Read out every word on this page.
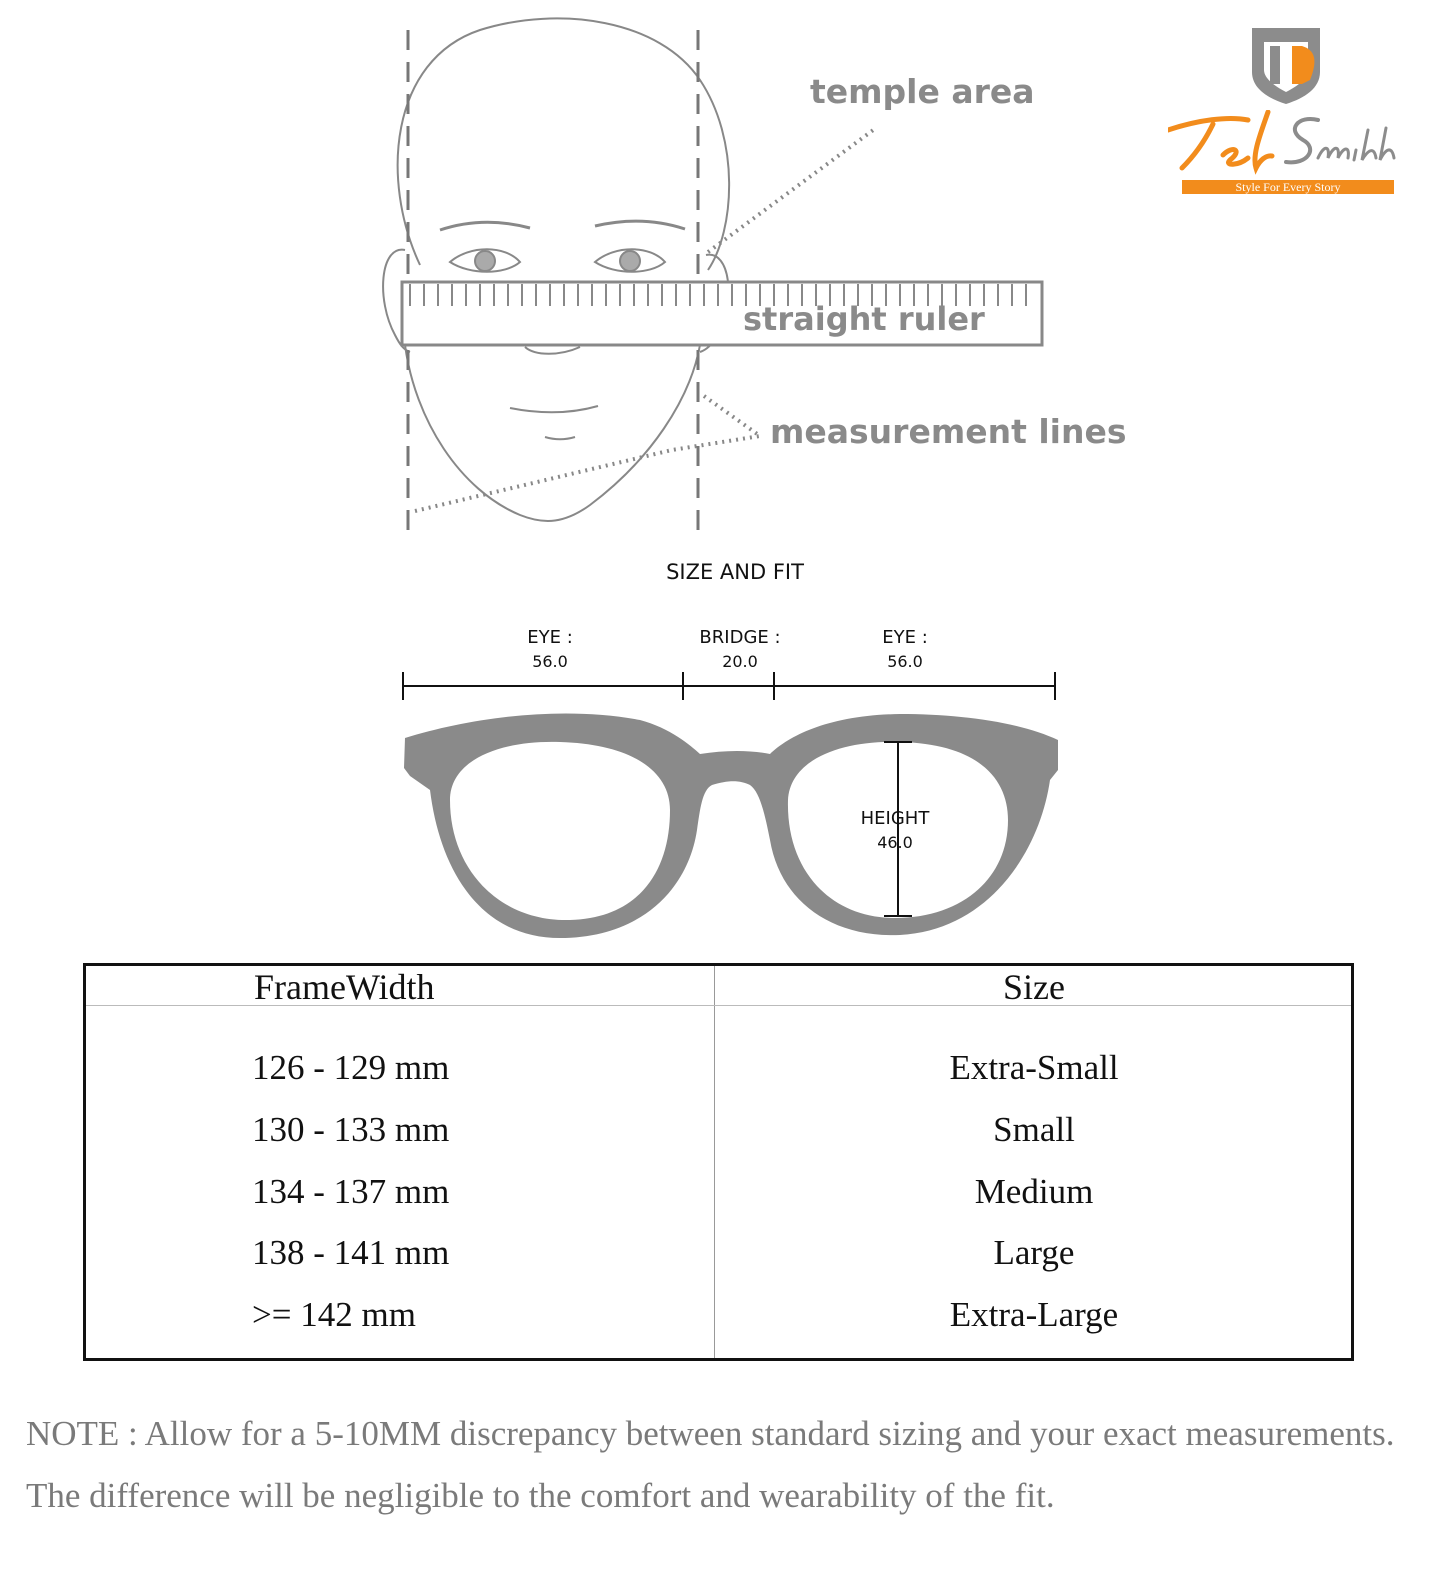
temple area
straight ruler
measurement lines
Style For Every Story
SIZE AND FIT
EYE :
56.0
BRIDGE :
20.0
EYE :
56.0
HEIGHT
46.0
FrameWidth	Size
126 - 129 mm	Extra-Small
130 - 133 mm	Small
134 - 137 mm	Medium
138 - 141 mm	Large
>= 142 mm	Extra-Large
NOTE : Allow for a 5-10MM discrepancy between standard sizing and your exact measurements.
The difference will be negligible to the comfort and wearability of the fit.
